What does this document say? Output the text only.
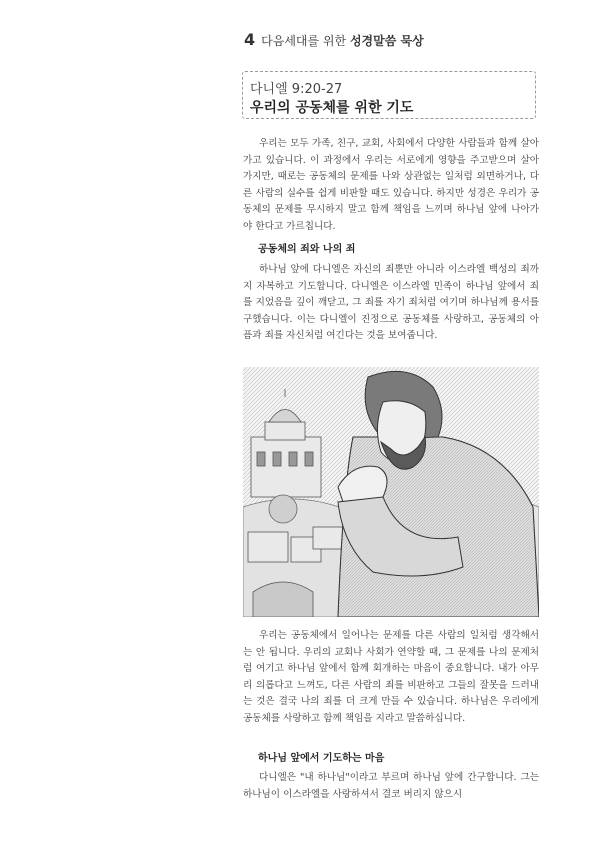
4 다음세대를 위한 성경말씀 묵상
다니엘 9:20-27
우리의 공동체를 위한 기도

우리는 모두 가족, 친구, 교회, 사회에서 다양한 사람들과 함께 살아가고 있습니다. 이 과정에서 우리는 서로에게 영향을 주고받으며 살아가지만, 때로는 공동체의 문제를 나와 상관없는 일처럼 외면하거나, 다른 사람의 실수를 쉽게 비판할 때도 있습니다. 하지만 성경은 우리가 공동체의 문제를 무시하지 말고 함께 책임을 느끼며 하나님 앞에 나아가야 한다고 가르칩니다.

공동체의 죄와 나의 죄

하나님 앞에 다니엘은 자신의 죄뿐만 아니라 이스라엘 백성의 죄까지 자복하고 기도합니다. 다니엘은 이스라엘 민족이 하나님 앞에서 죄를 지었음을 깊이 깨닫고, 그 죄를 자기 죄처럼 여기며 하나님께 용서를 구했습니다. 이는 다니엘이 진정으로 공동체를 사랑하고, 공동체의 아픔과 죄를 자신처럼 여긴다는 것을 보여줍니다.

우리는 공동체에서 일어나는 문제를 다른 사람의 일처럼 생각해서는 안 됩니다. 우리의 교회나 사회가 연약할 때, 그 문제를 나의 문제처럼 여기고 하나님 앞에서 함께 회개하는 마음이 중요합니다. 내가 아무리 의롭다고 느껴도, 다른 사람의 죄를 비판하고 그들의 잘못을 드러내는 것은 결국 나의 죄를 더 크게 만들 수 있습니다. 하나님은 우리에게 공동체를 사랑하고 함께 책임을 지라고 말씀하십니다.

하나님 앞에서 기도하는 마음

다니엘은 "내 하나님"이라고 부르며 하나님 앞에 간구합니다. 그는 하나님이 이스라엘을 사랑하셔서 결코 버리지 않으시
